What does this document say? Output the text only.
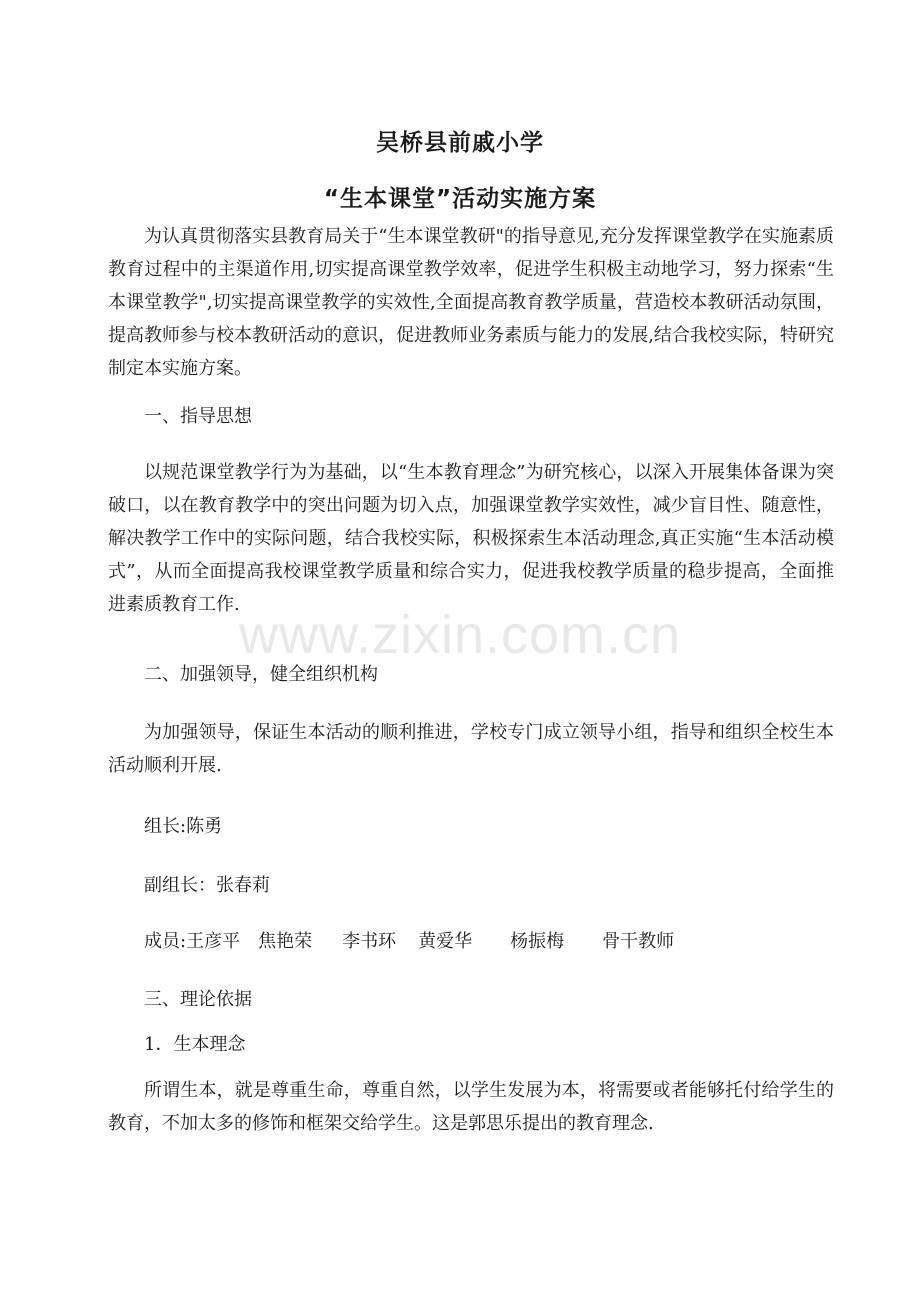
吴桥县前戚小学
“生本课堂”活动实施方案

为认真贯彻落实县教育局关于“生本课堂教研"的指导意见,充分发挥课堂教学在实施素质教育过程中的主渠道作用,切实提高课堂教学效率，促进学生积极主动地学习，努力探索“生本课堂教学",切实提高课堂教学的实效性,全面提高教育教学质量，营造校本教研活动氛围，提高教师参与校本教研活动的意识，促进教师业务素质与能力的发展,结合我校实际，特研究制定本实施方案。

一、指导思想

以规范课堂教学行为为基础，以“生本教育理念”为研究核心，以深入开展集体备课为突破口，以在教育教学中的突出问题为切入点，加强课堂教学实效性，减少盲目性、随意性，解决教学工作中的实际问题，结合我校实际，积极探索生本活动理念,真正实施“生本活动模式”，从而全面提高我校课堂教学质量和综合实力，促进我校教学质量的稳步提高，全面推进素质教育工作.

二、加强领导，健全组织机构

为加强领导，保证生本活动的顺利推进，学校专门成立领导小组，指导和组织全校生本活动顺利开展.

组长:陈勇

副组长：张春莉

成员:王彦平 焦艳荣 李书环 黄爱华 杨振梅 骨干教师

三、理论依据

1．生本理念

所谓生本，就是尊重生命，尊重自然，以学生发展为本，将需要或者能够托付给学生的教育，不加太多的修饰和框架交给学生。这是郭思乐提出的教育理念.

www.zixin.com.cn
